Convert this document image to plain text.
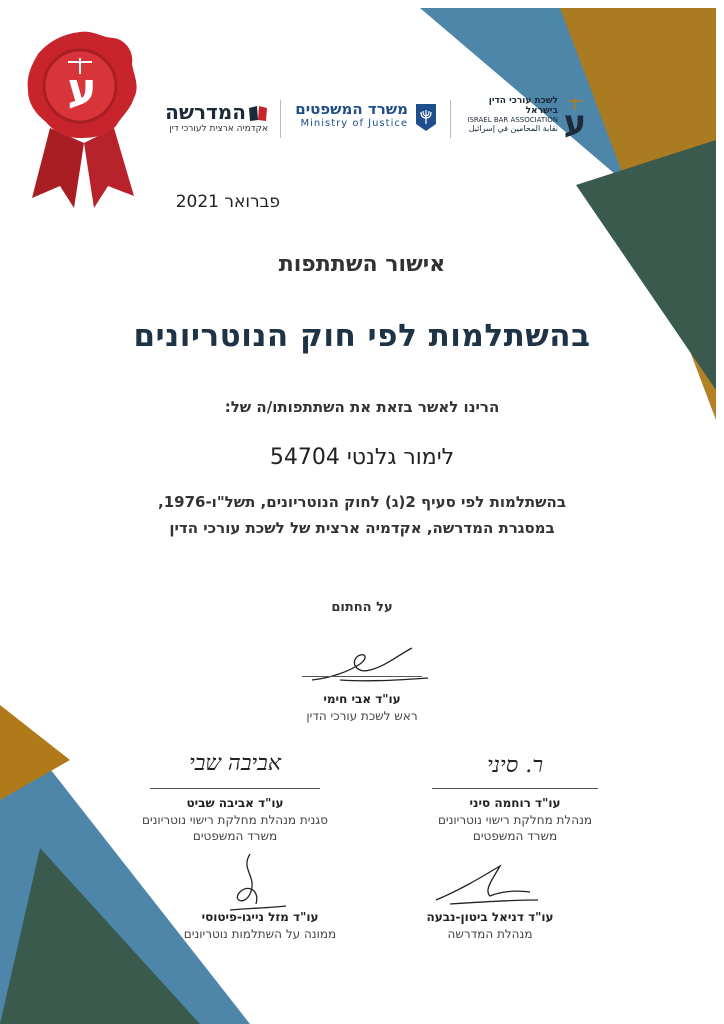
ע	המדרשה
אקדמיה ארצית לעורכי דין
משרד המשפטים
Ministry of Justice	ע
לשכת עורכי הדין בישראל
ISRAEL BAR ASSOCIATION
نقابة المحامين في إسرائيل
פברואר 2021
אישור השתתפות
בהשתלמות לפי חוק הנוטריונים
הרינו לאשר בזאת את השתתפותו/ה של:
לימור גלנטי 54704
בהשתלמות לפי סעיף 2(ג) לחוק הנוטריונים, תשל"ו-1976,
במסגרת המדרשה, אקדמיה ארצית של לשכת עורכי הדין
על החתום
עו"ד אבי חימי
ראש לשכת עורכי הדין
אביבה שבי
עו"ד אביבה שביט
סגנית מנהלת מחלקת רישוי נוטריונים
משרד המשפטים
ר. סיני
עו"ד רוחמה סיני
מנהלת מחלקת רישוי נוטריונים
משרד המשפטים
עו"ד מזל נייגו-פיטוסי
ממונה על השתלמות נוטריונים
עו"ד דניאל ביטון-נבעה
מנהלת המדרשה
